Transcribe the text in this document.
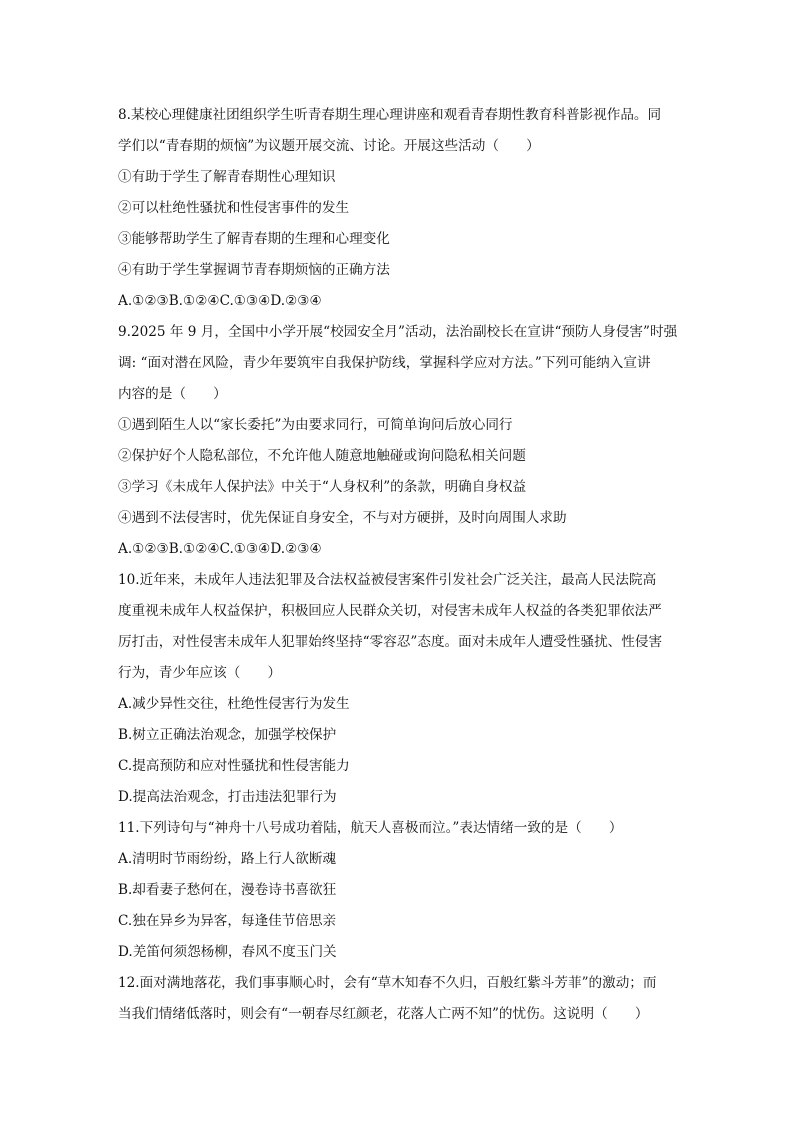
8.某校心理健康社团组织学生听青春期生理心理讲座和观看青春期性教育科普影视作品。同
学们以“青春期的烦恼”为议题开展交流、讨论。开展这些活动（　　）
①有助于学生了解青春期性心理知识
②可以杜绝性骚扰和性侵害事件的发生
③能够帮助学生了解青春期的生理和心理变化
④有助于学生掌握调节青春期烦恼的正确方法
A.①②③B.①②④C.①③④D.②③④
9.2025 年 9 月，全国中小学开展“校园安全月”活动，法治副校长在宣讲“预防人身侵害”时强
调: “面对潜在风险，青少年要筑牢自我保护防线，掌握科学应对方法。”下列可能纳入宣讲
内容的是（　　）
①遇到陌生人以“家长委托”为由要求同行，可简单询问后放心同行
②保护好个人隐私部位，不允许他人随意地触碰或询问隐私相关问题
③学习《未成年人保护法》中关于“人身权利”的条款，明确自身权益
④遇到不法侵害时，优先保证自身安全，不与对方硬拼，及时向周围人求助
A.①②③B.①②④C.①③④D.②③④
10.近年来，未成年人违法犯罪及合法权益被侵害案件引发社会广泛关注，最高人民法院高
度重视未成年人权益保护，积极回应人民群众关切，对侵害未成年人权益的各类犯罪依法严
厉打击，对性侵害未成年人犯罪始终坚持“零容忍”态度。面对未成年人遭受性骚扰、性侵害
行为，青少年应该（　　）
A.减少异性交往，杜绝性侵害行为发生
B.树立正确法治观念，加强学校保护
C.提高预防和应对性骚扰和性侵害能力
D.提高法治观念，打击违法犯罪行为
11.下列诗句与“神舟十八号成功着陆，航天人喜极而泣。”表达情绪一致的是（　　）
A.清明时节雨纷纷，路上行人欲断魂
B.却看妻子愁何在，漫卷诗书喜欲狂
C.独在异乡为异客，每逢佳节倍思亲
D.羌笛何须怨杨柳，春风不度玉门关
12.面对满地落花，我们事事顺心时，会有“草木知春不久归，百般红紫斗芳菲”的激动；而
当我们情绪低落时，则会有“一朝春尽红颜老，花落人亡两不知”的忧伤。这说明（　　）
